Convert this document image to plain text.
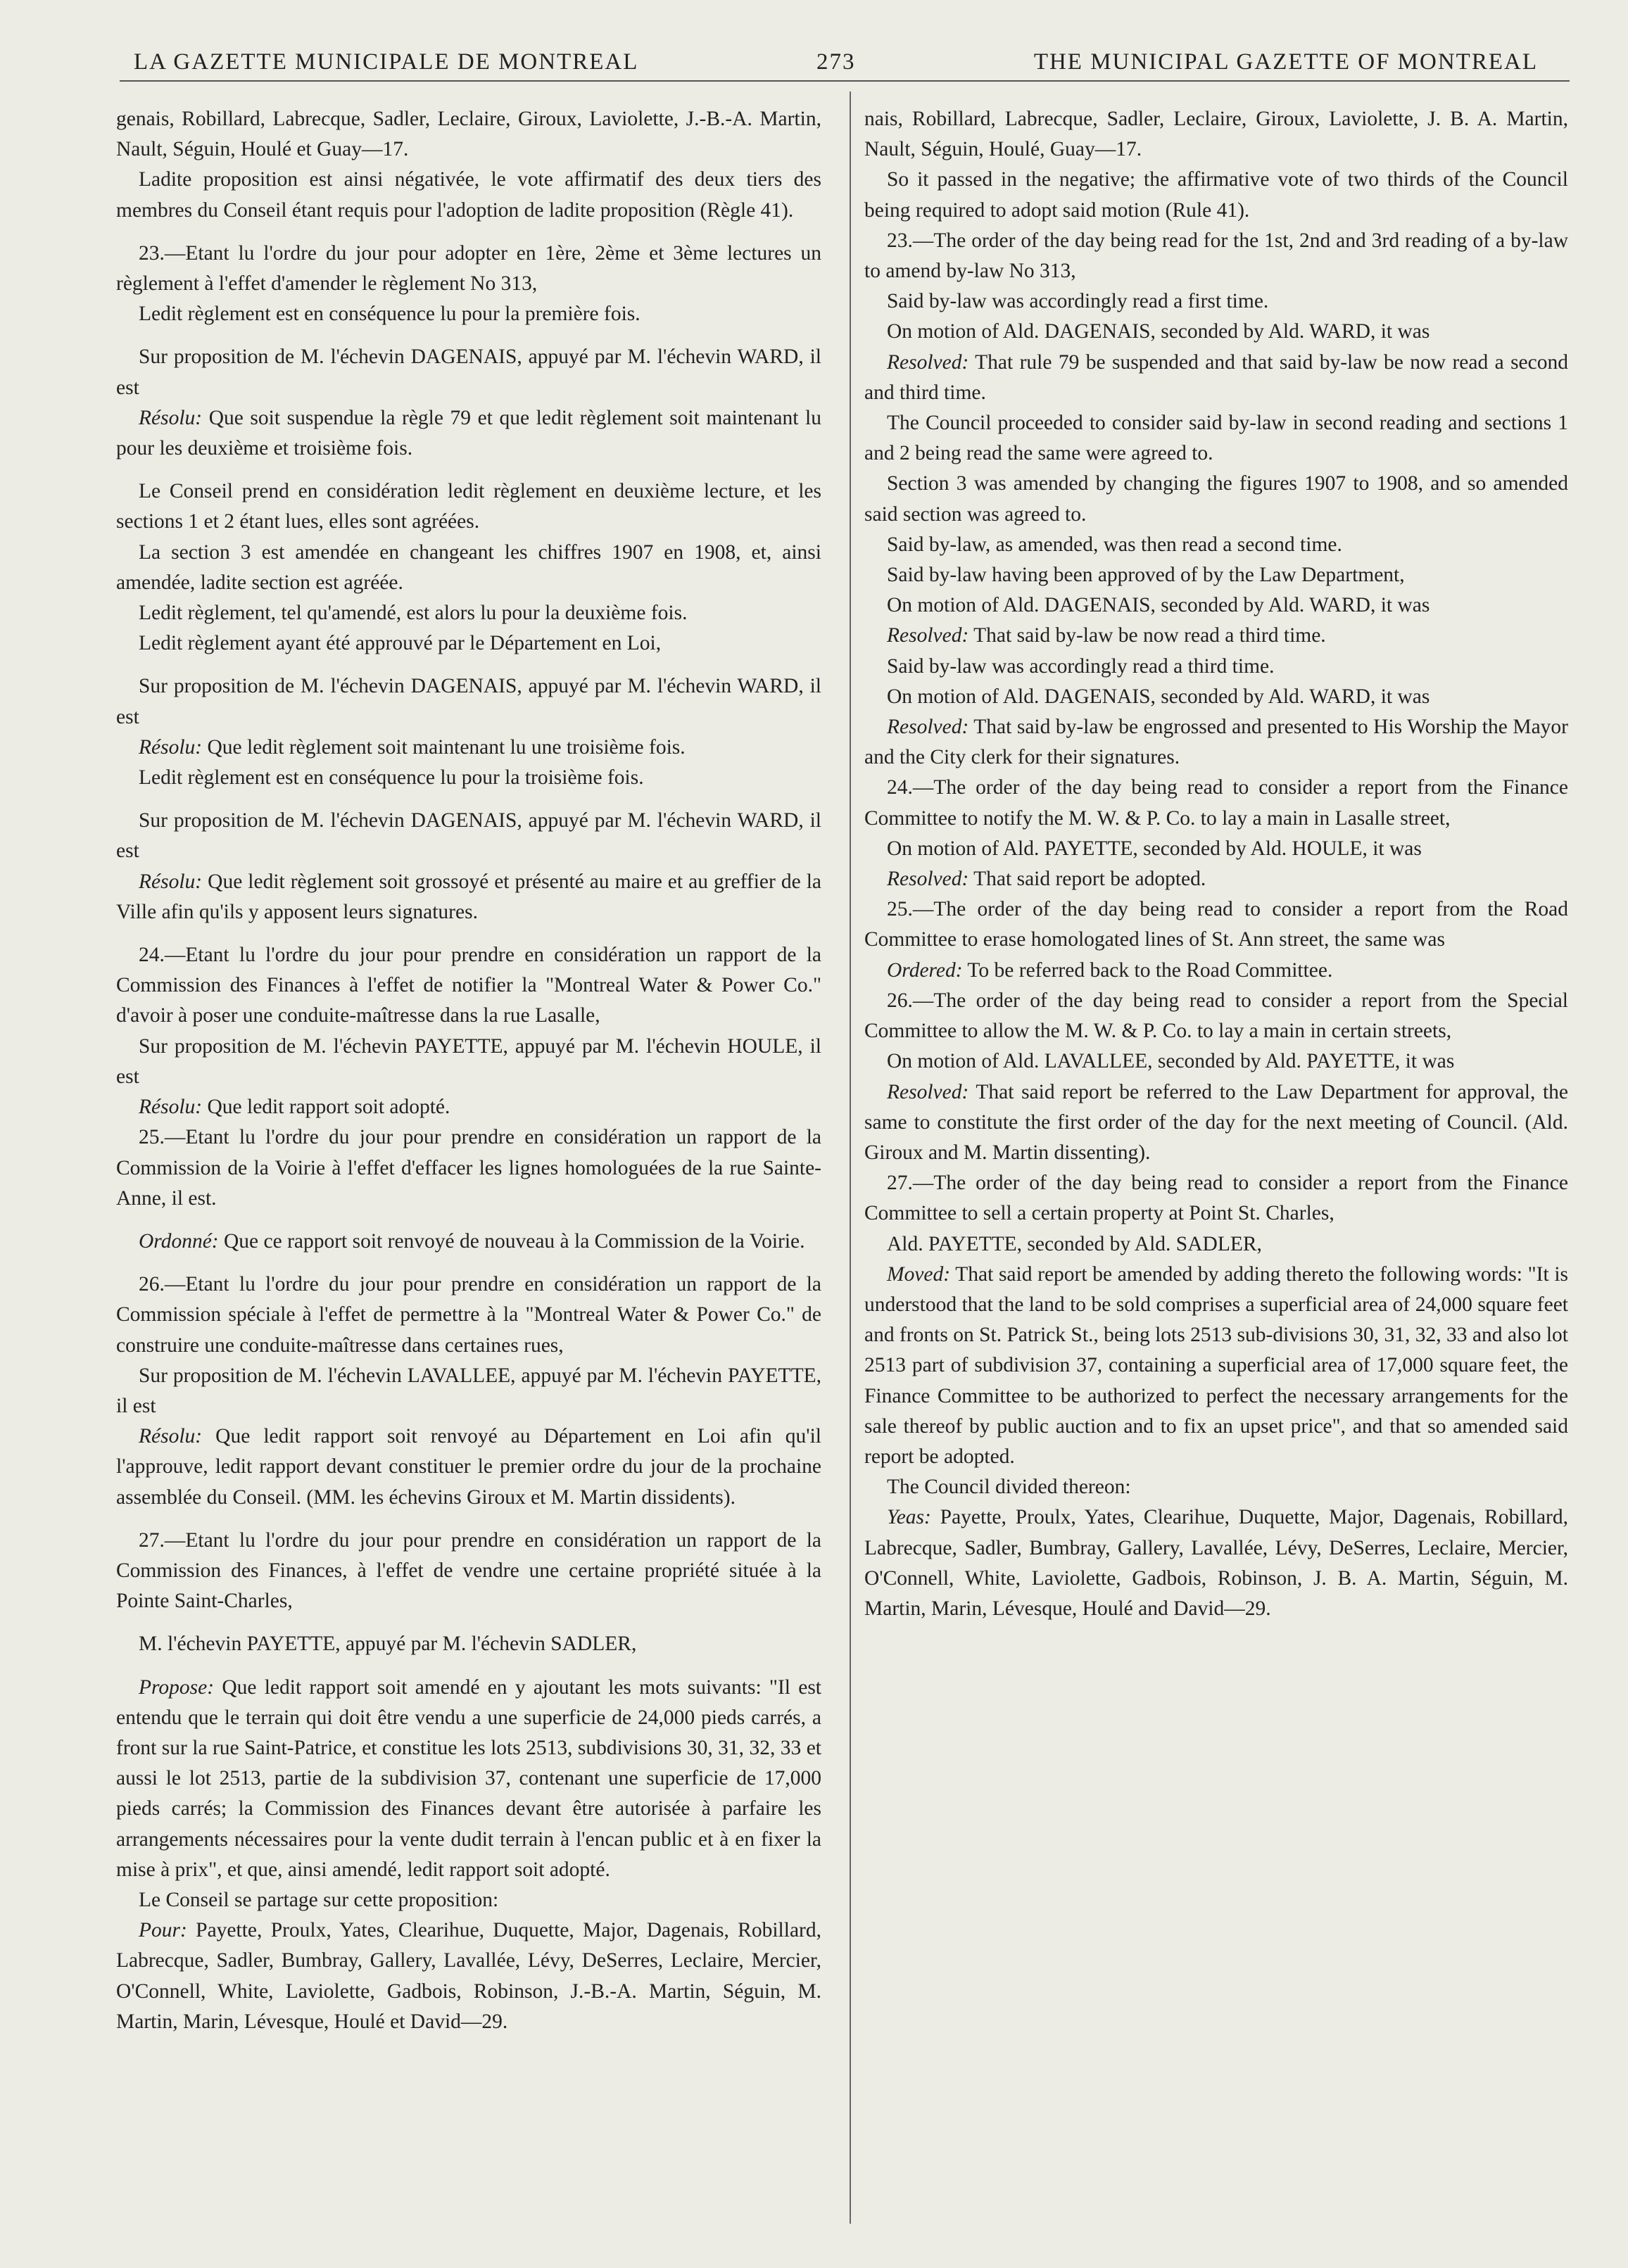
LA GAZETTE MUNICIPALE DE MONTREAL	273	THE MUNICIPAL GAZETTE OF MONTREAL

genais, Robillard, Labrecque, Sadler, Leclaire, Giroux, Laviolette, J.-B.-A. Martin, Nault, Séguin, Houlé et Guay—17.

Ladite proposition est ainsi négativée, le vote affirmatif des deux tiers des membres du Conseil étant requis pour l'adoption de ladite proposition (Règle 41).

23.—Etant lu l'ordre du jour pour adopter en 1ère, 2ème et 3ème lectures un règlement à l'effet d'amender le règlement No 313,

Ledit règlement est en conséquence lu pour la première fois.

Sur proposition de M. l'échevin DAGENAIS, appuyé par M. l'échevin WARD, il est

Résolu: Que soit suspendue la règle 79 et que ledit règlement soit maintenant lu pour les deuxième et troisième fois.

Le Conseil prend en considération ledit règlement en deuxième lecture, et les sections 1 et 2 étant lues, elles sont agréées.

La section 3 est amendée en changeant les chiffres 1907 en 1908, et, ainsi amendée, ladite section est agréée.

Ledit règlement, tel qu'amendé, est alors lu pour la deuxième fois.

Ledit règlement ayant été approuvé par le Département en Loi,

Sur proposition de M. l'échevin DAGENAIS, appuyé par M. l'échevin WARD, il est

Résolu: Que ledit règlement soit maintenant lu une troisième fois.

Ledit règlement est en conséquence lu pour la troisième fois.

Sur proposition de M. l'échevin DAGENAIS, appuyé par M. l'échevin WARD, il est

Résolu: Que ledit règlement soit grossoyé et présenté au maire et au greffier de la Ville afin qu'ils y apposent leurs signatures.

24.—Etant lu l'ordre du jour pour prendre en considération un rapport de la Commission des Finances à l'effet de notifier la "Montreal Water & Power Co." d'avoir à poser une conduite-maîtresse dans la rue Lasalle,

Sur proposition de M. l'échevin PAYETTE, appuyé par M. l'échevin HOULE, il est

Résolu: Que ledit rapport soit adopté.

25.—Etant lu l'ordre du jour pour prendre en considération un rapport de la Commission de la Voirie à l'effet d'effacer les lignes homologuées de la rue Sainte-Anne, il est.

Ordonné: Que ce rapport soit renvoyé de nouveau à la Commission de la Voirie.

26.—Etant lu l'ordre du jour pour prendre en considération un rapport de la Commission spéciale à l'effet de permettre à la "Montreal Water & Power Co." de construire une conduite-maîtresse dans certaines rues,

Sur proposition de M. l'échevin LAVALLEE, appuyé par M. l'échevin PAYETTE, il est

Résolu: Que ledit rapport soit renvoyé au Département en Loi afin qu'il l'approuve, ledit rapport devant constituer le premier ordre du jour de la prochaine assemblée du Conseil. (MM. les échevins Giroux et M. Martin dissidents).

27.—Etant lu l'ordre du jour pour prendre en considération un rapport de la Commission des Finances, à l'effet de vendre une certaine propriété située à la Pointe Saint-Charles,

M. l'échevin PAYETTE, appuyé par M. l'échevin SADLER,

Propose: Que ledit rapport soit amendé en y ajoutant les mots suivants: "Il est entendu que le terrain qui doit être vendu a une superficie de 24,000 pieds carrés, a front sur la rue Saint-Patrice, et constitue les lots 2513, subdivisions 30, 31, 32, 33 et aussi le lot 2513, partie de la subdivision 37, contenant une superficie de 17,000 pieds carrés; la Commission des Finances devant être autorisée à parfaire les arrangements nécessaires pour la vente dudit terrain à l'encan public et à en fixer la mise à prix", et que, ainsi amendé, ledit rapport soit adopté.

Le Conseil se partage sur cette proposition:

Pour: Payette, Proulx, Yates, Clearihue, Duquette, Major, Dagenais, Robillard, Labrecque, Sadler, Bumbray, Gallery, Lavallée, Lévy, DeSerres, Leclaire, Mercier, O'Connell, White, Laviolette, Gadbois, Robinson, J.-B.-A. Martin, Séguin, M. Martin, Marin, Lévesque, Houlé et David—29.

nais, Robillard, Labrecque, Sadler, Leclaire, Giroux, Laviolette, J. B. A. Martin, Nault, Séguin, Houlé, Guay—17.

So it passed in the negative; the affirmative vote of two thirds of the Council being required to adopt said motion (Rule 41).

23.—The order of the day being read for the 1st, 2nd and 3rd reading of a by-law to amend by-law No 313,

Said by-law was accordingly read a first time.

On motion of Ald. DAGENAIS, seconded by Ald. WARD, it was

Resolved: That rule 79 be suspended and that said by-law be now read a second and third time.

The Council proceeded to consider said by-law in second reading and sections 1 and 2 being read the same were agreed to.

Section 3 was amended by changing the figures 1907 to 1908, and so amended said section was agreed to.

Said by-law, as amended, was then read a second time.

Said by-law having been approved of by the Law Department,

On motion of Ald. DAGENAIS, seconded by Ald. WARD, it was

Resolved: That said by-law be now read a third time.

Said by-law was accordingly read a third time.

On motion of Ald. DAGENAIS, seconded by Ald. WARD, it was

Resolved: That said by-law be engrossed and presented to His Worship the Mayor and the City clerk for their signatures.

24.—The order of the day being read to consider a report from the Finance Committee to notify the M. W. & P. Co. to lay a main in Lasalle street,

On motion of Ald. PAYETTE, seconded by Ald. HOULE, it was

Resolved: That said report be adopted.

25.—The order of the day being read to consider a report from the Road Committee to erase homologated lines of St. Ann street, the same was

Ordered: To be referred back to the Road Committee.

26.—The order of the day being read to consider a report from the Special Committee to allow the M. W. & P. Co. to lay a main in certain streets,

On motion of Ald. LAVALLEE, seconded by Ald. PAYETTE, it was

Resolved: That said report be referred to the Law Department for approval, the same to constitute the first order of the day for the next meeting of Council. (Ald. Giroux and M. Martin dissenting).

27.—The order of the day being read to consider a report from the Finance Committee to sell a certain property at Point St. Charles,

Ald. PAYETTE, seconded by Ald. SADLER,

Moved: That said report be amended by adding thereto the following words: "It is understood that the land to be sold comprises a superficial area of 24,000 square feet and fronts on St. Patrick St., being lots 2513 sub-divisions 30, 31, 32, 33 and also lot 2513 part of subdivision 37, containing a superficial area of 17,000 square feet, the Finance Committee to be authorized to perfect the necessary arrangements for the sale thereof by public auction and to fix an upset price", and that so amended said report be adopted.

The Council divided thereon:

Yeas: Payette, Proulx, Yates, Clearihue, Duquette, Major, Dagenais, Robillard, Labrecque, Sadler, Bumbray, Gallery, Lavallée, Lévy, DeSerres, Leclaire, Mercier, O'Connell, White, Laviolette, Gadbois, Robinson, J. B. A. Martin, Séguin, M. Martin, Marin, Lévesque, Houlé and David—29.
